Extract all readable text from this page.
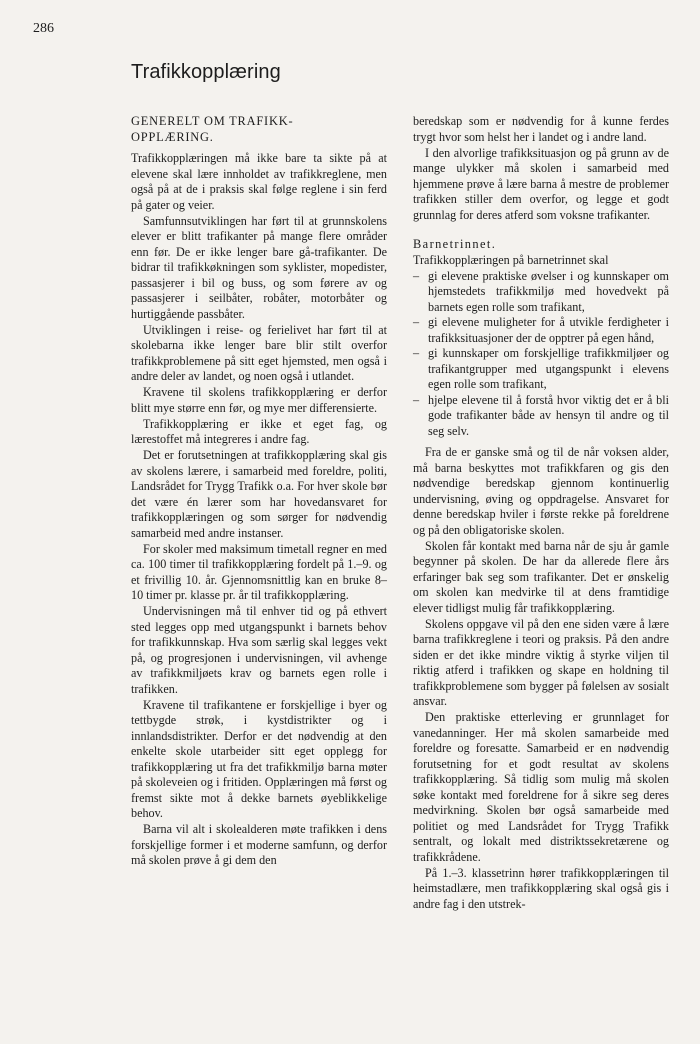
286
Trafikkopplæring
GENERELT OM TRAFIKK-
OPPLÆRING.

Trafikkopplæringen må ikke bare ta sikte på at elevene skal lære innholdet av trafikkreglene, men også på at de i praksis skal følge reglene i sin ferd på gater og veier.

Samfunnsutviklingen har ført til at grunnskolens elever er blitt trafikanter på mange flere områder enn før. De er ikke lenger bare gå-trafikanter. De bidrar til trafikkøkningen som syklister, mopedister, passasjerer i bil og buss, og som førere av og passasjerer i seilbåter, robåter, motorbåter og hurtiggående passbåter.

Utviklingen i reise- og ferielivet har ført til at skolebarna ikke lenger bare blir stilt overfor trafikkproblemene på sitt eget hjemsted, men også i andre deler av landet, og noen også i utlandet.

Kravene til skolens trafikkopplæring er derfor blitt mye større enn før, og mye mer differensierte.

Trafikkopplæring er ikke et eget fag, og lærestoffet må integreres i andre fag.

Det er forutsetningen at trafikkopplæring skal gis av skolens lærere, i samarbeid med foreldre, politi, Landsrådet for Trygg Trafikk o.a. For hver skole bør det være én lærer som har hovedansvaret for trafikkopplæringen og som sørger for nødvendig samarbeid med andre instanser.

For skoler med maksimum timetall regner en med ca. 100 timer til trafikkopplæring fordelt på 1.–9. og et frivillig 10. år. Gjennomsnittlig kan en bruke 8–10 timer pr. klasse pr. år til trafikkopplæring.

Undervisningen må til enhver tid og på ethvert sted legges opp med utgangspunkt i barnets behov for trafikkunnskap. Hva som særlig skal legges vekt på, og progresjonen i undervisningen, vil avhenge av trafikkmiljøets krav og barnets egen rolle i trafikken.

Kravene til trafikantene er forskjellige i byer og tettbygde strøk, i kystdistrikter og i innlandsdistrikter. Derfor er det nødvendig at den enkelte skole utarbeider sitt eget opplegg for trafikkopplæring ut fra det trafikkmiljø barna møter på skoleveien og i fritiden. Opplæringen må først og fremst sikte mot å dekke barnets øyeblikkelige behov.

Barna vil alt i skolealderen møte trafikken i dens forskjellige former i et moderne samfunn, og derfor må skolen prøve å gi dem den

beredskap som er nødvendig for å kunne ferdes trygt hvor som helst her i landet og i andre land.

I den alvorlige trafikksituasjon og på grunn av de mange ulykker må skolen i samarbeid med hjemmene prøve å lære barna å mestre de problemer trafikken stiller dem overfor, og legge et godt grunnlag for deres atferd som voksne trafikanter.

Barnetrinnet.

Trafikkopplæringen på barnetrinnet skal

– gi elevene praktiske øvelser i og kunnskaper om hjemstedets trafikkmiljø med hovedvekt på barnets egen rolle som trafikant,
– gi elevene muligheter for å utvikle ferdigheter i trafikksituasjoner der de opptrer på egen hånd,
– gi kunnskaper om forskjellige trafikkmiljøer og trafikantgrupper med utgangspunkt i elevens egen rolle som trafikant,
– hjelpe elevene til å forstå hvor viktig det er å bli gode trafikanter både av hensyn til andre og til seg selv.

Fra de er ganske små og til de når voksen alder, må barna beskyttes mot trafikkfaren og gis den nødvendige beredskap gjennom kontinuerlig undervisning, øving og oppdragelse. Ansvaret for denne beredskap hviler i første rekke på foreldrene og på den obligatoriske skolen.

Skolen får kontakt med barna når de sju år gamle begynner på skolen. De har da allerede flere års erfaringer bak seg som trafikanter. Det er ønskelig om skolen kan medvirke til at dens framtidige elever tidligst mulig får trafikkopplæring.

Skolens oppgave vil på den ene siden være å lære barna trafikkreglene i teori og praksis. På den andre siden er det ikke mindre viktig å styrke viljen til riktig atferd i trafikken og skape en holdning til trafikkproblemene som bygger på følelsen av sosialt ansvar.

Den praktiske etterleving er grunnlaget for vanedanninger. Her må skolen samarbeide med foreldre og foresatte. Samarbeid er en nødvendig forutsetning for et godt resultat av skolens trafikkopplæring. Så tidlig som mulig må skolen søke kontakt med foreldrene for å sikre seg deres medvirkning. Skolen bør også samarbeide med politiet og med Landsrådet for Trygg Trafikk sentralt, og lokalt med distriktssekretærene og trafikkrådene.

På 1.–3. klassetrinn hører trafikkopplæringen til heimstadlære, men trafikkopplæring skal også gis i andre fag i den utstrek-
